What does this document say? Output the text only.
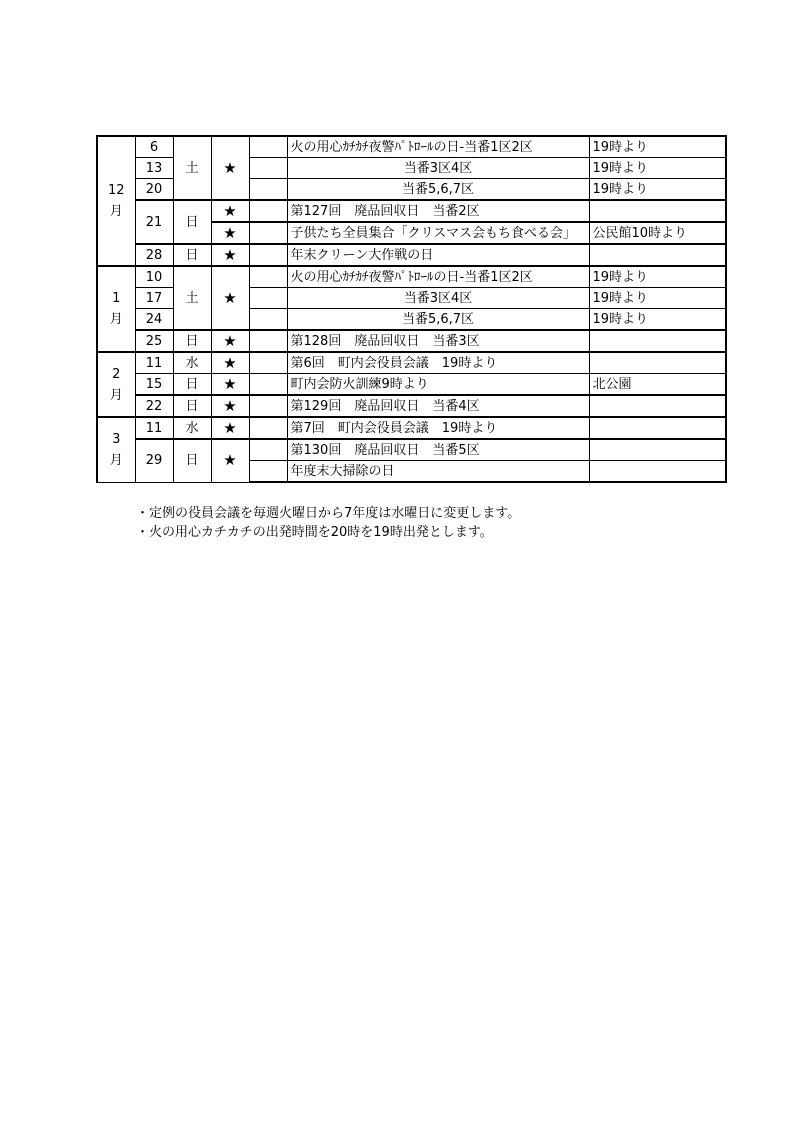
12
月	6	土	★		火の用心ｶﾁｶﾁ夜警ﾊﾟﾄﾛｰﾙの日-当番1区2区	19時より
	13				当番3区4区	19時より
	20				当番5,6,7区	19時より
	21	日	★		第127回　廃品回収日　当番2区	
			★		子供たち全員集合「クリスマス会もち食べる会」	公民館10時より
	28	日	★		年末クリーン大作戦の日	

1
月	10	土	★		火の用心ｶﾁｶﾁ夜警ﾊﾟﾄﾛｰﾙの日-当番1区2区	19時より
	17				当番3区4区	19時より
	24				当番5,6,7区	19時より
	25	日	★		第128回　廃品回収日　当番3区	

2
月	11	水	★		第6回　町内会役員会議　19時より	
	15	日	★		町内会防火訓練9時より	北公園
	22	日	★		第129回　廃品回収日　当番4区	

3
月	11	水	★		第7回　町内会役員会議　19時より	
	29	日	★		第130回　廃品回収日　当番5区	
					年度末大掃除の日	
・定例の役員会議を毎週火曜日から7年度は水曜日に変更します。
・火の用心カチカチの出発時間を20時を19時出発とします。
